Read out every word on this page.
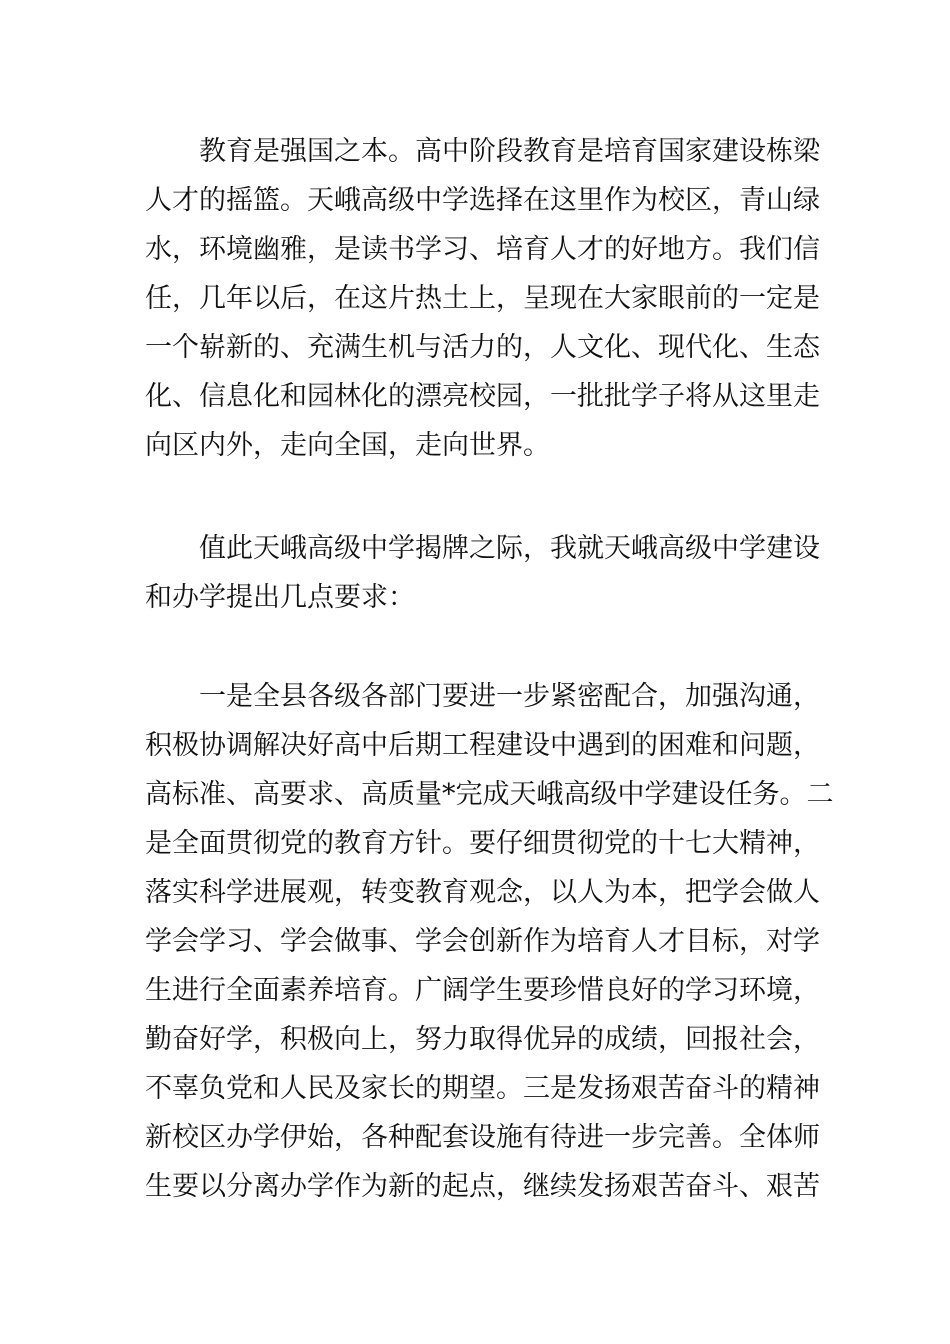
教育是强国之本。高中阶段教育是培育国家建设栋梁
人才的摇篮。天峨高级中学选择在这里作为校区，青山绿
水，环境幽雅，是读书学习、培育人才的好地方。我们信
任，几年以后，在这片热土上，呈现在大家眼前的一定是
一个崭新的、充满生机与活力的，人文化、现代化、生态
化、信息化和园林化的漂亮校园，一批批学子将从这里走
向区内外，走向全国，走向世界。
值此天峨高级中学揭牌之际，我就天峨高级中学建设
和办学提出几点要求：
一是全县各级各部门要进一步紧密配合，加强沟通，
积极协调解决好高中后期工程建设中遇到的困难和问题，
高标准、高要求、高质量*完成天峨高级中学建设任务。二
是全面贯彻党的教育方针。要仔细贯彻党的十七大精神，
落实科学进展观，转变教育观念，以人为本，把学会做人
学会学习、学会做事、学会创新作为培育人才目标，对学
生进行全面素养培育。广阔学生要珍惜良好的学习环境，
勤奋好学，积极向上，努力取得优异的成绩，回报社会，
不辜负党和人民及家长的期望。三是发扬艰苦奋斗的精神
新校区办学伊始，各种配套设施有待进一步完善。全体师
生要以分离办学作为新的起点，继续发扬艰苦奋斗、艰苦
